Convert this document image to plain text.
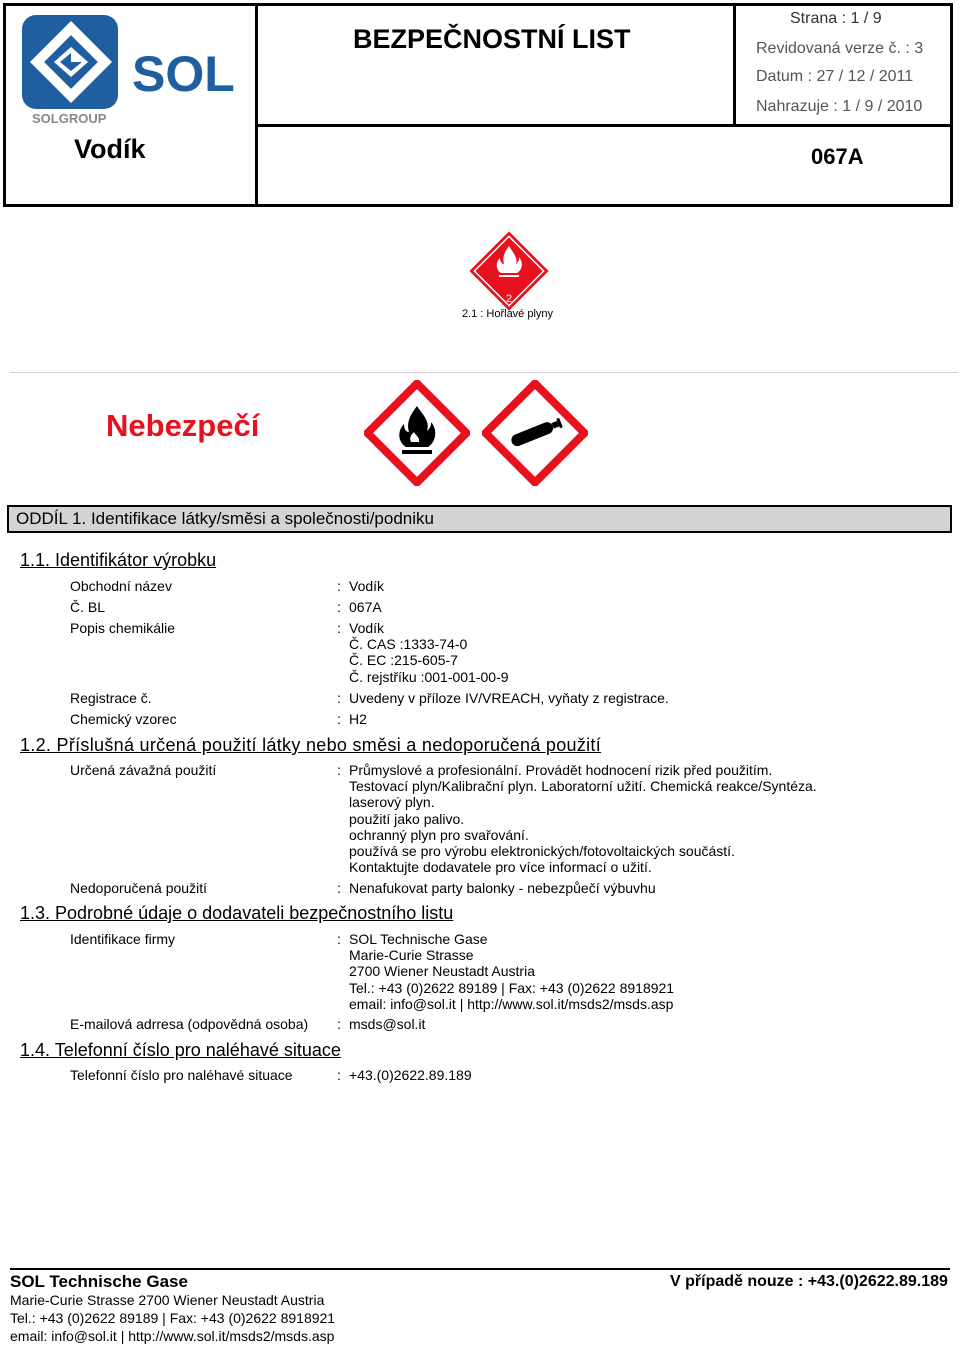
SOL
SOLGROUP
BEZPEČNOSTNÍ LIST
Strana : 1 / 9
Revidovaná verze č. : 3
Datum : 27 / 12 / 2011
Nahrazuje : 1 / 9 / 2010
Vodík	067A
2
2.1 : Hořlavé plyny
Nebezpečí
ODDÍL 1. Identifikace látky/směsi a společnosti/podniku
1.1. Identifikátor výrobku
Obchodní název	: Vodík
Č. BL	: 067A
Popis chemikálie	: Vodík
Č. CAS :1333-74-0
Č. EC :215-605-7
Č. rejstříku :001-001-00-9
Registrace č.	: Uvedeny v příloze IV/VREACH, vyňaty z registrace.
Chemický vzorec	: H2
1.2. Příslušná určená použití látky nebo směsi a nedoporučená použití
Určená závažná použití	: Průmyslové a profesionální. Provádět hodnocení rizik před použitím.
Testovací plyn/Kalibrační plyn. Laboratorní užití. Chemická reakce/Syntéza.
laserový plyn.
použití jako palivo.
ochranný plyn pro svařování.
používá se pro výrobu elektronických/fotovoltaických součástí.
Kontaktujte dodavatele pro více informací o užití.
Nedoporučená použití	: Nenafukovat party balonky - nebezpůečí výbuvhu
1.3. Podrobné údaje o dodavateli bezpečnostního listu
Identifikace firmy	: SOL Technische Gase
Marie-Curie Strasse
2700 Wiener Neustadt Austria
Tel.: +43 (0)2622 89189 | Fax: +43 (0)2622 8918921
email: info@sol.it | http://www.sol.it/msds2/msds.asp
E-mailová adrresa (odpovědná osoba) : msds@sol.it
1.4. Telefonní číslo pro naléhavé situace
Telefonní číslo pro naléhavé situace	: +43.(0)2622.89.189
SOL Technische Gase
Marie-Curie Strasse 2700 Wiener Neustadt Austria
Tel.: +43 (0)2622 89189 | Fax: +43 (0)2622 8918921
email: info@sol.it | http://www.sol.it/msds2/msds.asp
V případě nouze : +43.(0)2622.89.189
